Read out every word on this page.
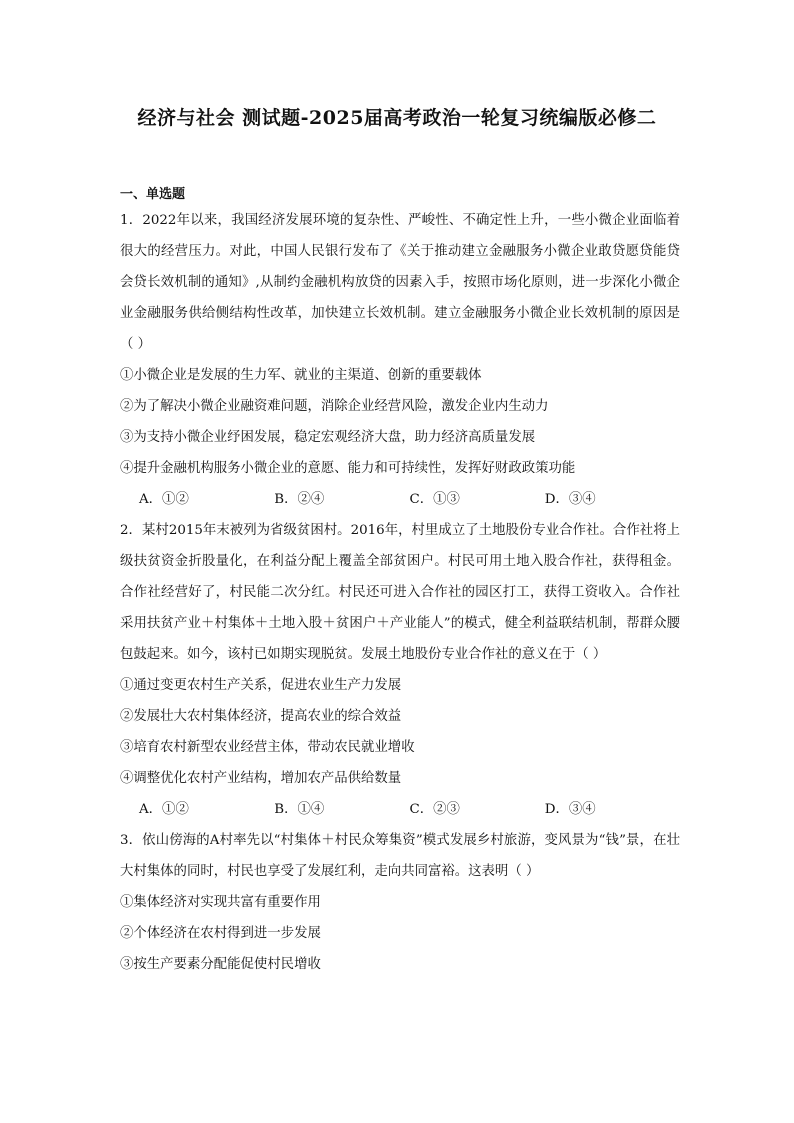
经济与社会 测试题-2025届高考政治一轮复习统编版必修二
一、单选题

1．2022年以来，我国经济发展环境的复杂性、严峻性、不确定性上升，一些小微企业面临着很大的经营压力。对此，中国人民银行发布了《关于推动建立金融服务小微企业敢贷愿贷能贷会贷长效机制的通知》,从制约金融机构放贷的因素入手，按照市场化原则，进一步深化小微企业金融服务供给侧结构性改革，加快建立长效机制。建立金融服务小微企业长效机制的原因是（ ）

①小微企业是发展的生力军、就业的主渠道、创新的重要载体

②为了解决小微企业融资难问题，消除企业经营风险，激发企业内生动力

③为支持小微企业纾困发展，稳定宏观经济大盘，助力经济高质量发展

④提升金融机构服务小微企业的意愿、能力和可持续性，发挥好财政政策功能

A．①②	B．②④	C．①③	D．③④

2．某村2015年末被列为省级贫困村。2016年，村里成立了土地股份专业合作社。合作社将上级扶贫资金折股量化，在利益分配上覆盖全部贫困户。村民可用土地入股合作社，获得租金。合作社经营好了，村民能二次分红。村民还可进入合作社的园区打工，获得工资收入。合作社采用扶贫产业＋村集体＋土地入股＋贫困户＋产业能人”的模式，健全利益联结机制，帮群众腰包鼓起来。如今，该村已如期实现脱贫。发展土地股份专业合作社的意义在于（ ）

①通过变更农村生产关系，促进农业生产力发展

②发展壮大农村集体经济，提高农业的综合效益

③培育农村新型农业经营主体，带动农民就业增收

④调整优化农村产业结构，增加农产品供给数量

A．①②	B．①④	C．②③	D．③④

3．依山傍海的A村率先以“村集体＋村民众筹集资”模式发展乡村旅游，变风景为“钱”景，在壮大村集体的同时，村民也享受了发展红利，走向共同富裕。这表明（ ）

①集体经济对实现共富有重要作用

②个体经济在农村得到进一步发展

③按生产要素分配能促使村民增收
